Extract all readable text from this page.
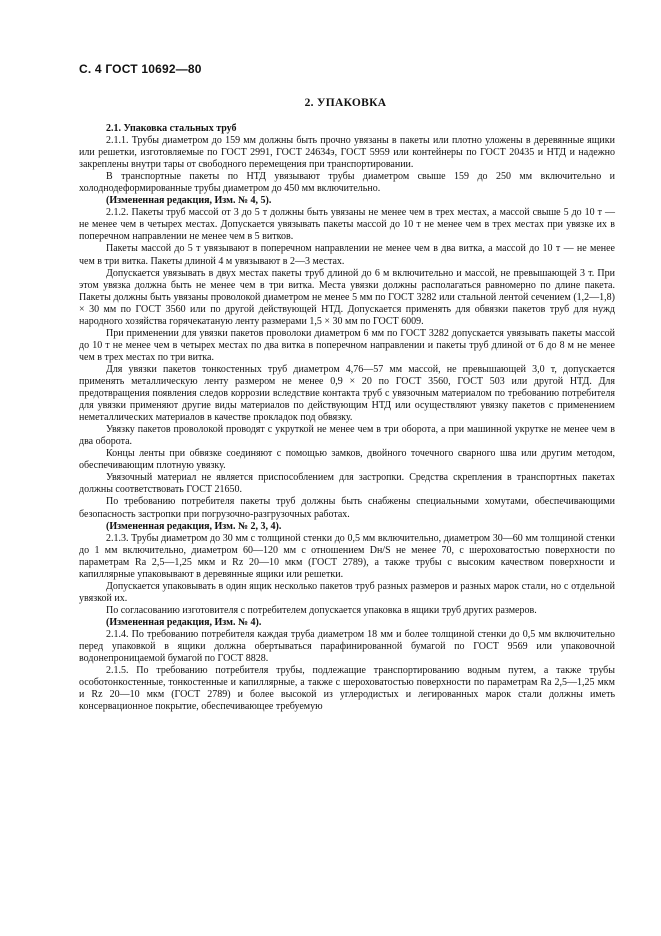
С. 4 ГОСТ 10692—80
2. УПАКОВКА

2.1. Упаковка стальных труб

2.1.1. Трубы диаметром до 159 мм должны быть прочно увязаны в пакеты или плотно уложены в деревянные ящики или решетки, изготовляемые по ГОСТ 2991, ГОСТ 24634э, ГОСТ 5959 или контейнеры по ГОСТ 20435 и НТД и надежно закреплены внутри тары от свободного перемещения при транспортировании.

В транспортные пакеты по НТД увязывают трубы диаметром свыше 159 до 250 мм включительно и холоднодеформированные трубы диаметром до 450 мм включительно.

(Измененная редакция, Изм. № 4, 5).

2.1.2. Пакеты труб массой от 3 до 5 т должны быть увязаны не менее чем в трех местах, а массой свыше 5 до 10 т — не менее чем в четырех местах. Допускается увязывать пакеты массой до 10 т не менее чем в трех местах при увязке их в поперечном направлении не менее чем в 5 витков.

Пакеты массой до 5 т увязывают в поперечном направлении не менее чем в два витка, а массой до 10 т — не менее чем в три витка. Пакеты длиной 4 м увязывают в 2—3 местах.

Допускается увязывать в двух местах пакеты труб длиной до 6 м включительно и массой, не превышающей 3 т. При этом увязка должна быть не менее чем в три витка. Места увязки должны располагаться равномерно по длине пакета. Пакеты должны быть увязаны проволокой диаметром не менее 5 мм по ГОСТ 3282 или стальной лентой сечением (1,2—1,8) × 30 мм по ГОСТ 3560 или по другой действующей НТД. Допускается применять для обвязки пакетов труб для нужд народного хозяйства горячекатаную ленту размерами 1,5 × 30 мм по ГОСТ 6009.

При применении для увязки пакетов проволоки диаметром 6 мм по ГОСТ 3282 допускается увязывать пакеты массой до 10 т не менее чем в четырех местах по два витка в поперечном направлении и пакеты труб длиной от 6 до 8 м не менее чем в трех местах по три витка.

Для увязки пакетов тонкостенных труб диаметром 4,76—57 мм массой, не превышающей 3,0 т, допускается применять металлическую ленту размером не менее 0,9 × 20 по ГОСТ 3560, ГОСТ 503 или другой НТД. Для предотвращения появления следов коррозии вследствие контакта труб с увязочным материалом по требованию потребителя для увязки применяют другие виды материалов по действующим НТД или осуществляют увязку пакетов с применением неметаллических материалов в качестве прокладок под обвязку.

Увязку пакетов проволокой проводят с укруткой не менее чем в три оборота, а при машинной укрутке не менее чем в два оборота.

Концы ленты при обвязке соединяют с помощью замков, двойного точечного сварного шва или другим методом, обеспечивающим плотную увязку.

Увязочный материал не является приспособлением для застропки. Средства скрепления в транспортных пакетах должны соответствовать ГОСТ 21650.

По требованию потребителя пакеты труб должны быть снабжены специальными хомутами, обеспечивающими безопасность застропки при погрузочно-разгрузочных работах.

(Измененная редакция, Изм. № 2, 3, 4).

2.1.3. Трубы диаметром до 30 мм с толщиной стенки до 0,5 мм включительно, диаметром 30—60 мм толщиной стенки до 1 мм включительно, диаметром 60—120 мм с отношением Dн/S не менее 70, с шероховатостью поверхности по параметрам Ra 2,5—1,25 мкм и Rz 20—10 мкм (ГОСТ 2789), а также трубы с высоким качеством поверхности и капиллярные упаковывают в деревянные ящики или решетки.

Допускается упаковывать в один ящик несколько пакетов труб разных размеров и разных марок стали, но с отдельной увязкой их.

По согласованию изготовителя с потребителем допускается упаковка в ящики труб других размеров.

(Измененная редакция, Изм. № 4).

2.1.4. По требованию потребителя каждая труба диаметром 18 мм и более толщиной стенки до 0,5 мм включительно перед упаковкой в ящики должна обертываться парафинированной бумагой по ГОСТ 9569 или упаковочной водонепроницаемой бумагой по ГОСТ 8828.

2.1.5. По требованию потребителя трубы, подлежащие транспортированию водным путем, а также трубы особотонкостенные, тонкостенные и капиллярные, а также с шероховатостью поверхности по параметрам Ra 2,5—1,25 мкм и Rz 20—10 мкм (ГОСТ 2789) и более высокой из углеродистых и легированных марок стали должны иметь консервационное покрытие, обеспечивающее требуемую
